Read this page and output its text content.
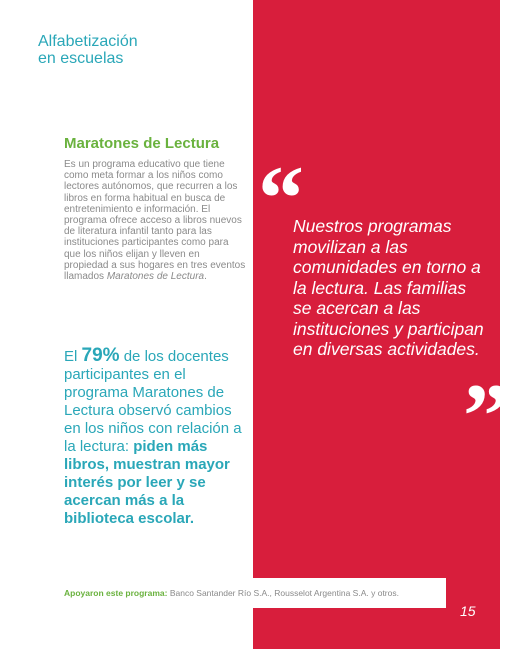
Alfabetización
en escuelas
Maratones de Lectura

Es un programa educativo que tiene como meta formar a los niños como lectores autónomos, que recurren a los libros en forma habitual en busca de entretenimiento e información. El programa ofrece acceso a libros nuevos de literatura infantil tanto para las instituciones participantes como para que los niños elijan y lleven en propiedad a sus hogares en tres eventos llamados Maratones de Lectura.

El 79% de los docentes participantes en el programa Maratones de Lectura observó cambios en los niños con relación a la lectura: piden más libros, muestran mayor interés por leer y se acercan más a la biblioteca escolar.

“

Nuestros programas movilizan a las comunidades en torno a la lectura. Las familias se acercan a las instituciones y participan en diversas actividades.

”
Apoyaron este programa: Banco Santander Río S.A., Rousselot Argentina S.A. y otros.
15
